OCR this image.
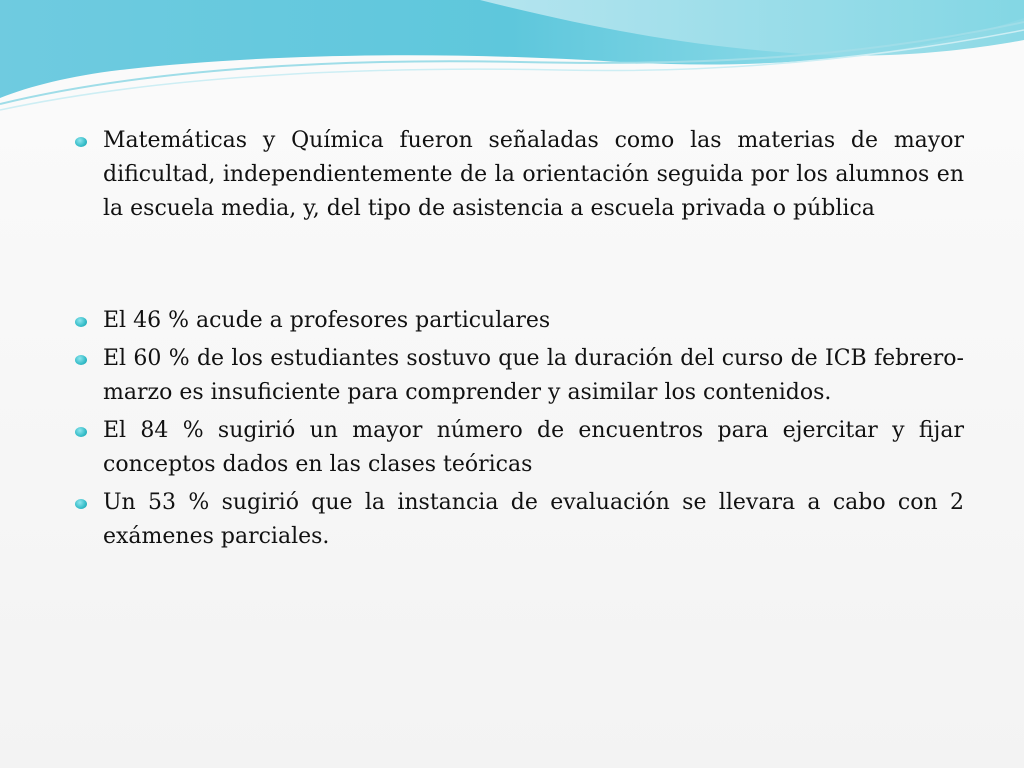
Matemáticas y Química fueron señaladas como las materias de mayor dificultad, independientemente de la orientación seguida por los alumnos en la escuela media, y, del tipo de asistencia a escuela privada o pública
El 46 % acude a profesores particulares
El 60 % de los estudiantes sostuvo que la duración del curso de ICB febrero-marzo es insuficiente para comprender y asimilar los contenidos.
El 84 % sugirió un mayor número de encuentros para ejercitar y fijar conceptos dados en las clases teóricas
Un 53 % sugirió que la instancia de evaluación se llevara a cabo con 2 exámenes parciales.
